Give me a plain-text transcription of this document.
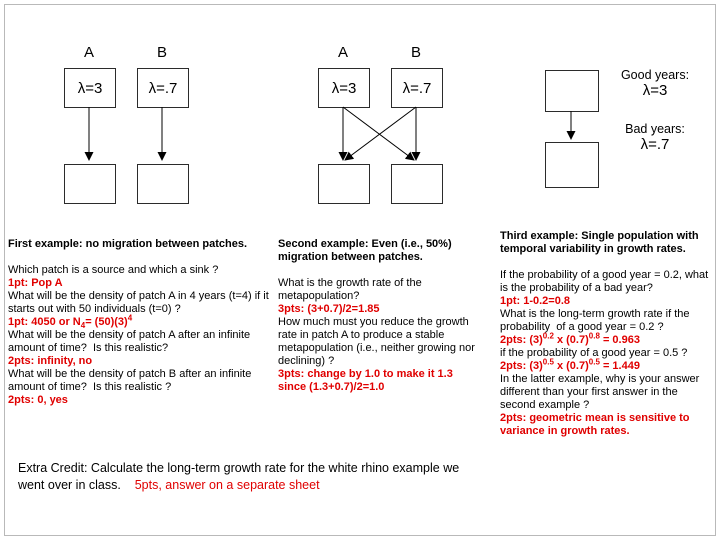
A	B
λ=3	λ=.7
A	B
λ=3	λ=.7
Good years:
λ=3
Bad years:
λ=.7
First example: no migration between patches.
Which patch is a source and which a sink ?
1pt: Pop A
What will be the density of patch A in 4 years (t=4) if it starts out with 50 individuals (t=0) ?
1pt: 4050 or $N_4= (50)(3)^4$
What will be the density of patch A after an infinite amount of time?  Is this realistic?
2pts: infinity, no
What will be the density of patch B after an infinite amount of time?  Is this realistic ?
2pts: 0, yes
Second example: Even (i.e., 50%) migration between patches.
What is the growth rate of the metapopulation?
3pts: (3+0.7)/2=1.85
How much must you reduce the growth rate in patch A to produce a stable metapopulation (i.e., neither growing nor declining) ?
3pts: change by 1.0 to make it 1.3 since (1.3+0.7)/2=1.0
Third example: Single population with temporal variability in growth rates.
If the probability of a good year = 0.2, what is the probability of a bad year?
1pt: 1-0.2=0.8
What is the long-term growth rate if the probability  of a good year = 0.2 ?
2pts: $(3)^{0.2}$ x $(0.7)^{0.8} = 0.963$
if the probability of a good year = 0.5 ?
2pts: $(3)^{0.5}$ x $(0.7)^{0.5} = 1.449$
In the latter example, why is your answer different than your first answer in the second example ?
2pts: geometric mean is sensitive to variance in growth rates.
Extra Credit: Calculate the long-term growth rate for the white rhino example we went over in class.    5pts, answer on a separate sheet
